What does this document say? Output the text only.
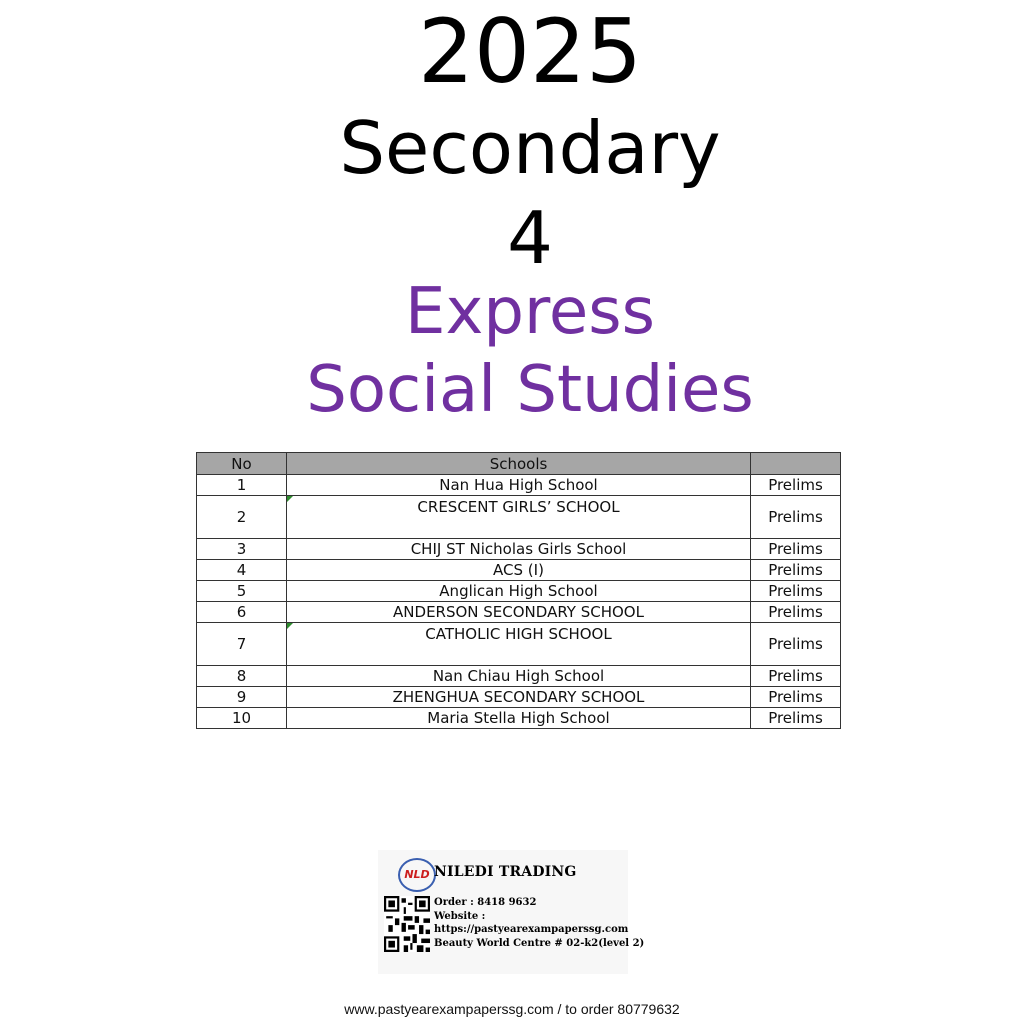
2025
Secondary
4
Express
Social Studies
No	Schools	
1	Nan Hua High School	Prelims
2	CRESCENT GIRLS’ SCHOOL	Prelims
3	CHIJ ST Nicholas Girls School	Prelims
4	ACS (I)	Prelims
5	Anglican High School	Prelims
6	ANDERSON SECONDARY SCHOOL	Prelims
7	CATHOLIC HIGH SCHOOL	Prelims
8	Nan Chiau High School	Prelims
9	ZHENGHUA SECONDARY SCHOOL	Prelims
10	Maria Stella High School	Prelims
NLD NILEDI TRADING
Order : 8418 9632
Website :
https://pastyearexampaperssg.com
Beauty World Centre # 02-k2(level 2)
www.pastyearexampaperssg.com / to order 80779632
